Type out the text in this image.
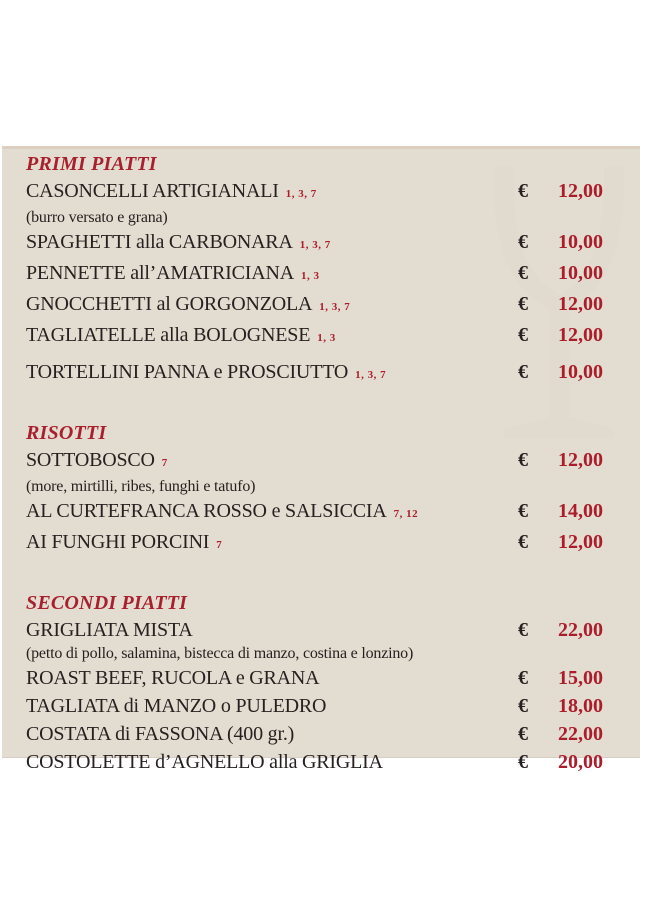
PRIMI PIATTI
CASONCELLI ARTIGIANALI 1, 3, 7	€ 12,00
(burro versato e grana)
SPAGHETTI alla CARBONARA 1, 3, 7	€ 10,00
PENNETTE all’AMATRICIANA 1, 3	€ 10,00
GNOCCHETTI al GORGONZOLA 1, 3, 7	€ 12,00
TAGLIATELLE alla BOLOGNESE 1, 3	€ 12,00
TORTELLINI PANNA e PROSCIUTTO 1, 3, 7	€ 10,00
RISOTTI
SOTTOBOSCO 7	€ 12,00
(more, mirtilli, ribes, funghi e tatufo)
AL CURTEFRANCA ROSSO e SALSICCIA 7, 12	€ 14,00
AI FUNGHI PORCINI 7	€ 12,00
SECONDI PIATTI
GRIGLIATA MISTA	€ 22,00
(petto di pollo, salamina, bistecca di manzo, costina e lonzino)
ROAST BEEF, RUCOLA e GRANA	€ 15,00
TAGLIATA di MANZO o PULEDRO	€ 18,00
COSTATA di FASSONA (400 gr.)	€ 22,00
COSTOLETTE d’AGNELLO alla GRIGLIA	€ 20,00
